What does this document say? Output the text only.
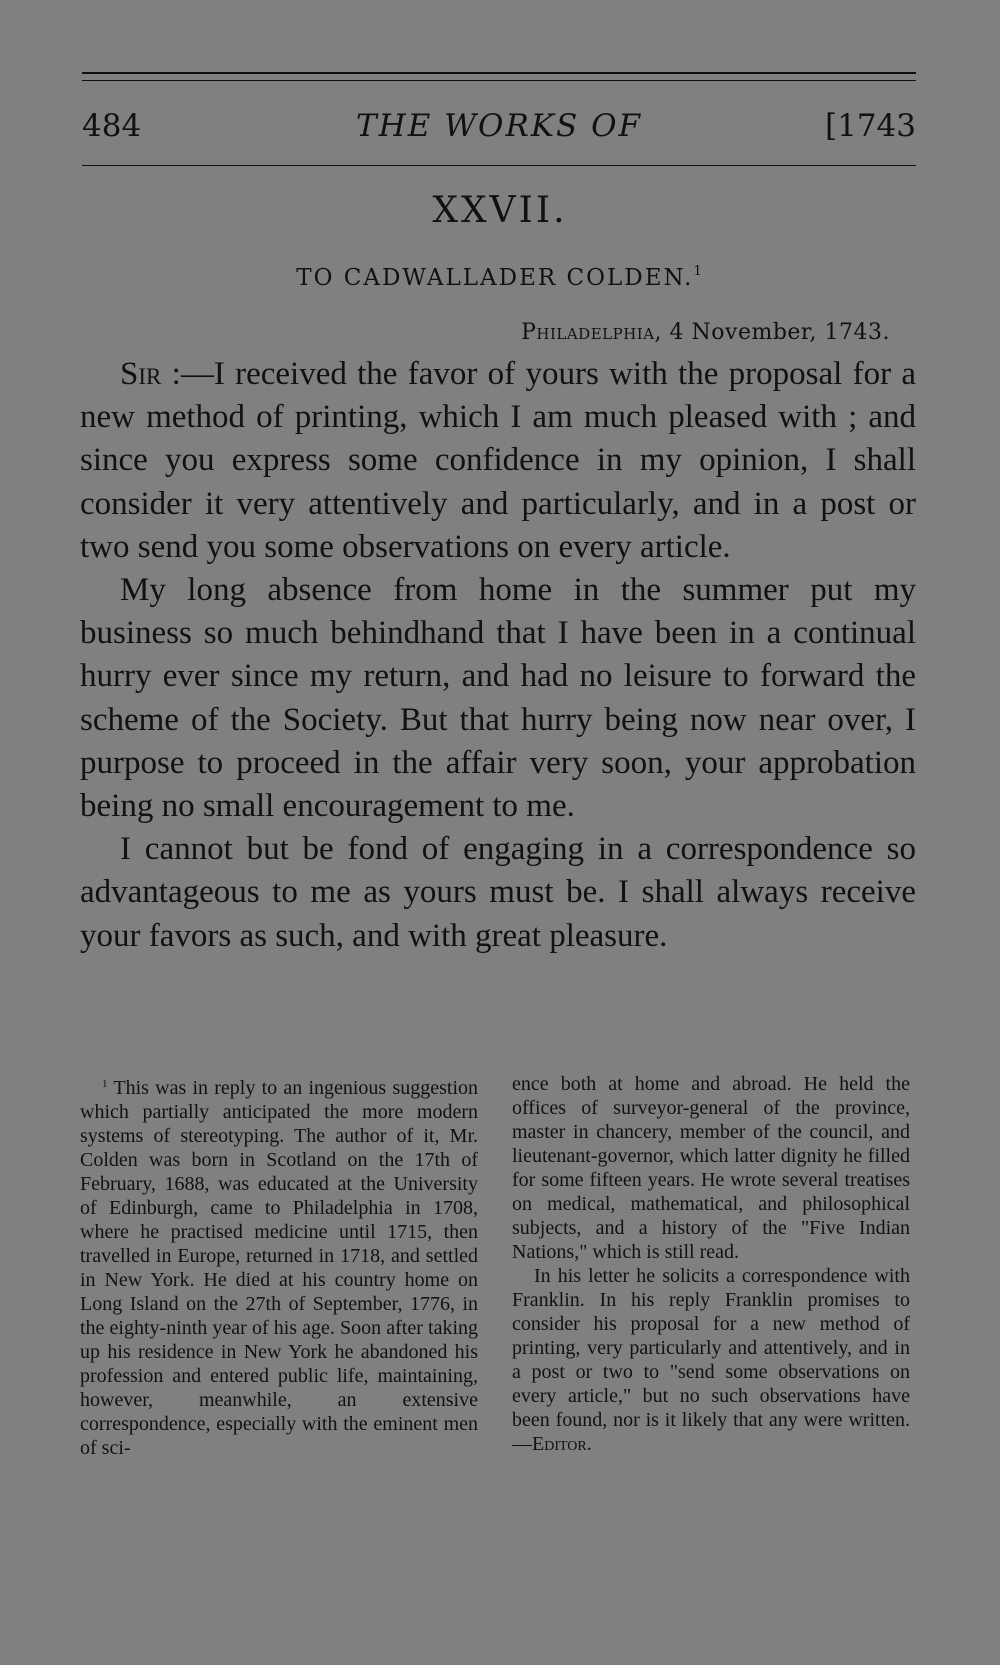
484	THE WORKS OF	[1743
XXVII.
TO CADWALLADER COLDEN.$^1$
Philadelphia, 4 November, 1743.

Sir :—I received the favor of yours with the proposal for a new method of printing, which I am much pleased with ; and since you express some confidence in my opinion, I shall consider it very attentively and particularly, and in a post or two send you some observations on every article.

My long absence from home in the summer put my business so much behindhand that I have been in a continual hurry ever since my return, and had no leisure to forward the scheme of the Society. But that hurry being now near over, I purpose to proceed in the affair very soon, your approbation being no small encouragement to me.

I cannot but be fond of engaging in a correspondence so advantageous to me as yours must be. I shall always receive your favors as such, and with great pleasure.

$^1$ This was in reply to an ingenious suggestion which partially anticipated the more modern systems of stereotyping. The author of it, Mr. Colden was born in Scotland on the 17th of February, 1688, was educated at the University of Edinburgh, came to Philadelphia in 1708, where he practised medicine until 1715, then travelled in Europe, returned in 1718, and settled in New York. He died at his country home on Long Island on the 27th of September, 1776, in the eighty-ninth year of his age. Soon after taking up his residence in New York he abandoned his profession and entered public life, maintaining, however, meanwhile, an extensive correspondence, especially with the eminent men of sci-

ence both at home and abroad. He held the offices of surveyor-general of the province, master in chancery, member of the council, and lieutenant-governor, which latter dignity he filled for some fifteen years. He wrote several treatises on medical, mathematical, and philosophical subjects, and a history of the "Five Indian Nations," which is still read.

In his letter he solicits a correspondence with Franklin. In his reply Franklin promises to consider his proposal for a new method of printing, very particularly and attentively, and in a post or two to "send some observations on every article," but no such observations have been found, nor is it likely that any were written.—Editor.
